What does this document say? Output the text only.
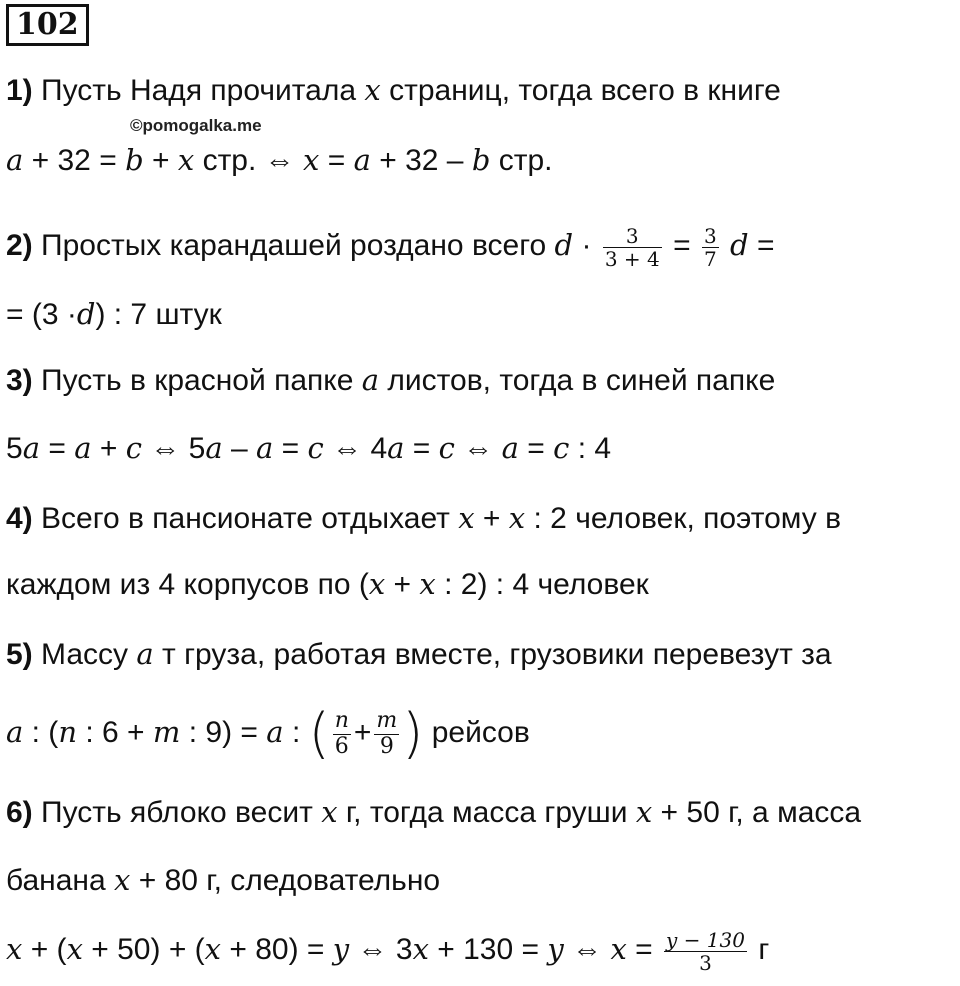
102
1) Пусть Надя прочитала x страниц, тогда всего в книге
©pomogalka.me
a + 32 = b + x стр. ⇔ x = a + 32 – b стр.
2) Простых карандашей роздано всего $d \cdot \frac{3}{3 + 4} = \frac{3}{7}$ d =
= (3 ·d) : 7 штук
3) Пусть в красной папке a листов, тогда в синей папке
5a = a + c ⇔ 5a – a = c ⇔ 4a = c ⇔ a = c : 4
4) Всего в пансионате отдыхает x + x : 2 человек, поэтому в
каждом из 4 корпусов по (x + x : 2) : 4 человек
5) Массу a т груза, работая вместе, грузовики перевезут за
a : (n : 6 + m : 9) = a : ( $\frac{n}{6} + \frac{m}{9}$ ) рейсов
6) Пусть яблоко весит x г, тогда масса груши x + 50 г, а масса
банана x + 80 г, следовательно
x + (x + 50) + (x + 80) = y ⇔ 3x + 130 = y ⇔ $x = \frac{y - 130}{3}$ г
